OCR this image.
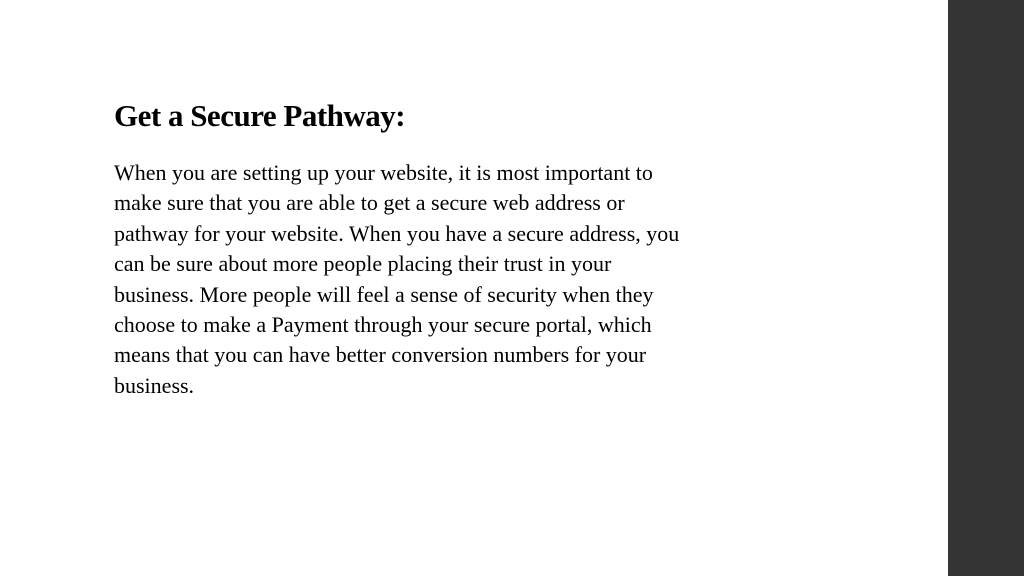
Get a Secure Pathway:

When you are setting up your website, it is most important to
make sure that you are able to get a secure web address or
pathway for your website. When you have a secure address, you
can be sure about more people placing their trust in your
business. More people will feel a sense of security when they
choose to make a Payment through your secure portal, which
means that you can have better conversion numbers for your
business.
